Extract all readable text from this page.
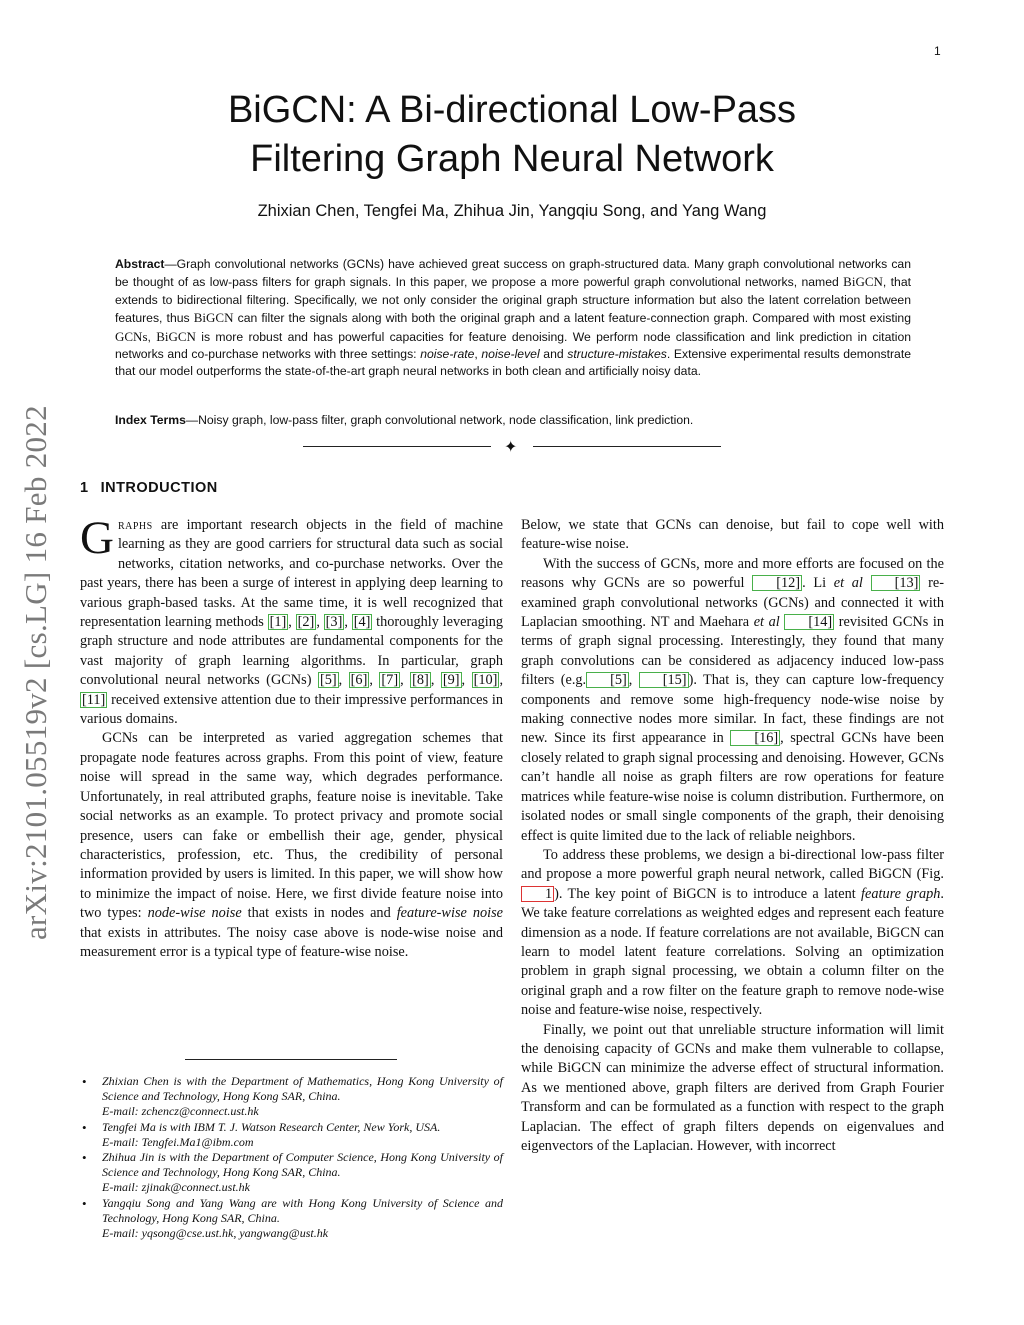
1
BiGCN: A Bi-directional Low-Pass
Filtering Graph Neural Network
Zhixian Chen, Tengfei Ma, Zhihua Jin, Yangqiu Song, and Yang Wang
Abstract—Graph convolutional networks (GCNs) have achieved great success on graph-structured data. Many graph convolutional networks can be thought of as low-pass filters for graph signals. In this paper, we propose a more powerful graph convolutional networks, named BiGCN, that extends to bidirectional filtering. Specifically, we not only consider the original graph structure information but also the latent correlation between features, thus BiGCN can filter the signals along with both the original graph and a latent feature-connection graph. Compared with most existing GCNs, BiGCN is more robust and has powerful capacities for feature denoising. We perform node classification and link prediction in citation networks and co-purchase networks with three settings: noise-rate, noise-level and structure-mistakes. Extensive experimental results demonstrate that our model outperforms the state-of-the-art graph neural networks in both clean and artificially noisy data.
Index Terms—Noisy graph, low-pass filter, graph convolutional network, node classification, link prediction.
✦
1 INTRODUCTION

Graphs are important research objects in the field of machine learning as they are good carriers for structural data such as social networks, citation networks, and co-purchase networks. Over the past years, there has been a surge of interest in applying deep learning to various graph-based tasks. At the same time, it is well recognized that representation learning methods [1] , [2] , [3] , [4] thoroughly leveraging graph structure and node attributes are fundamental components for the vast majority of graph learning algorithms. In particular, graph convolutional neural networks (GCNs) [5] , [6] , [7] , [8] , [9] , [10] , [11] received extensive attention due to their impressive performances in various domains.

GCNs can be interpreted as varied aggregation schemes that propagate node features across graphs. From this point of view, feature noise will spread in the same way, which degrades performance. Unfortunately, in real attributed graphs, feature noise is inevitable. Take social networks as an example. To protect privacy and promote social presence, users can fake or embellish their age, gender, physical characteristics, profession, etc. Thus, the credibility of personal information provided by users is limited. In this paper, we will show how to minimize the impact of noise. Here, we first divide feature noise into two types: node-wise noise that exists in nodes and feature-wise noise that exists in attributes. The noisy case above is node-wise noise and measurement error is a typical type of feature-wise noise.

Below, we state that GCNs can denoise, but fail to cope well with feature-wise noise.

With the success of GCNs, more and more efforts are focused on the reasons why GCNs are so powerful [12] . Li et al [13] re-examined graph convolutional networks (GCNs) and connected it with Laplacian smoothing. NT and Maehara et al [14] revisited GCNs in terms of graph signal processing. Interestingly, they found that many graph convolutions can be considered as adjacency induced low-pass filters (e.g. [5] , [15] ). That is, they can capture low-frequency components and remove some high-frequency node-wise noise by making connective nodes more similar. In fact, these findings are not new. Since its first appearance in [16] , spectral GCNs have been closely related to graph signal processing and denoising. However, GCNs can’t handle all noise as graph filters are row operations for feature matrices while feature-wise noise is column distribution. Furthermore, on isolated nodes or small single components of the graph, their denoising effect is quite limited due to the lack of reliable neighbors.

To address these problems, we design a bi-directional low-pass filter and propose a more powerful graph neural network, called BiGCN (Fig. 1 ). The key point of BiGCN is to introduce a latent feature graph. We take feature correlations as weighted edges and represent each feature dimension as a node. If feature correlations are not available, BiGCN can learn to model latent feature correlations. Solving an optimization problem in graph signal processing, we obtain a column filter on the original graph and a row filter on the feature graph to remove node-wise noise and feature-wise noise, respectively.

Finally, we point out that unreliable structure information will limit the denoising capacity of GCNs and make them vulnerable to collapse, while BiGCN can minimize the adverse effect of structural information. As we mentioned above, graph filters are derived from Graph Fourier Transform and can be formulated as a function with respect to the graph Laplacian. The effect of graph filters depends on eigenvalues and eigenvectors of the Laplacian. However, with incorrect

• Zhixian Chen is with the Department of Mathematics, Hong Kong University of Science and Technology, Hong Kong SAR, China.
E-mail: zchencz@connect.ust.hk
• Tengfei Ma is with IBM T. J. Watson Research Center, New York, USA.
E-mail: Tengfei.Ma1@ibm.com
• Zhihua Jin is with the Department of Computer Science, Hong Kong University of Science and Technology, Hong Kong SAR, China.
E-mail: zjinak@connect.ust.hk
• Yangqiu Song and Yang Wang are with Hong Kong University of Science and Technology, Hong Kong SAR, China.
E-mail: yqsong@cse.ust.hk, yangwang@ust.hk
arXiv:2101.05519v2 [cs.LG] 16 Feb 2022
